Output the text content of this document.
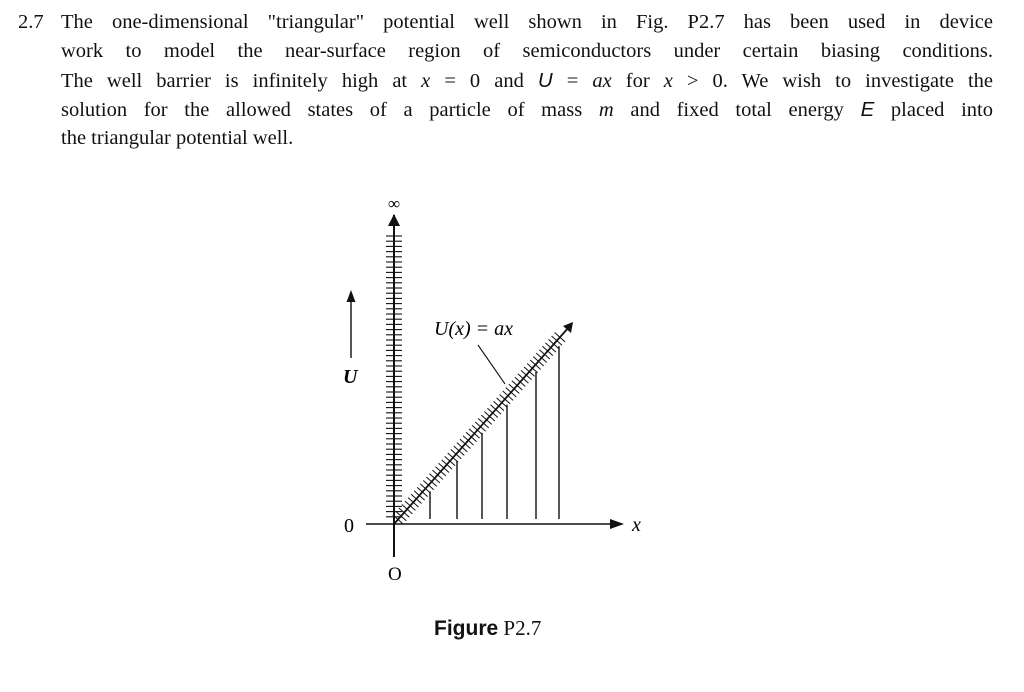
2.7 The one-dimensional "triangular" potential well shown in Fig. P2.7 has been used in device
work to model the near-surface region of semiconductors under certain biasing conditions.
The well barrier is infinitely high at x = 0 and U = ax for x > 0. We wish to investigate the
solution for the allowed states of a particle of mass m and fixed total energy E placed into
the triangular potential well.
∞
U
U(x) = ax
0
O
x
Figure P2.7
